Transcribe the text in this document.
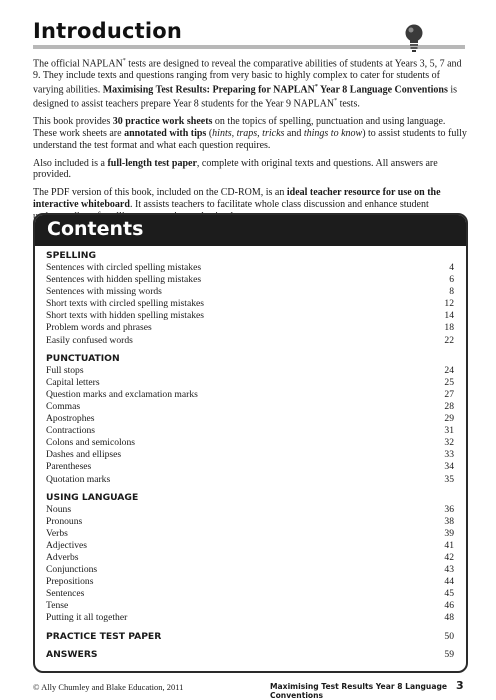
Introduction

The official NAPLAN* tests are designed to reveal the comparative abilities of students at Years 3, 5, 7 and 9. They include texts and questions ranging from very basic to highly complex to cater for students of varying abilities. Maximising Test Results: Preparing for NAPLAN* Year 8 Language Conventions is designed to assist teachers prepare Year 8 students for the Year 9 NAPLAN* tests.

This book provides 30 practice work sheets on the topics of spelling, punctuation and using language. These work sheets are annotated with tips (hints, traps, tricks and things to know) to assist students to fully understand the test format and what each question requires.

Also included is a full-length test paper, complete with original texts and questions. All answers are provided.

The PDF version of this book, included on the CD-ROM, is an ideal teacher resource for use on the interactive whiteboard. It assists teachers to facilitate whole class discussion and enhance student

Contents
SPELLING
Sentences with circled spelling mistakes	4
Sentences with hidden spelling mistakes	6
Sentences with missing words	8
Short texts with circled spelling mistakes	12
Short texts with hidden spelling mistakes	14
Problem words and phrases	18
Easily confused words	22
PUNCTUATION
Full stops	24
Capital letters	25
Question marks and exclamation marks	27
Commas	28
Apostrophes	29
Contractions	31
Colons and semicolons	32
Dashes and ellipses	33
Parentheses	34
Quotation marks	35
USING LANGUAGE
Nouns	36
Pronouns	38
Verbs	39
Adjectives	41
Adverbs	42
Conjunctions	43
Prepositions	44
Sentences	45
Tense	46
Putting it all together	48
PRACTICE TEST PAPER	50
ANSWERS	59
© Ally Chumley and Blake Education, 2011	Maximising Test Results Year 8 Language Conventions
3
